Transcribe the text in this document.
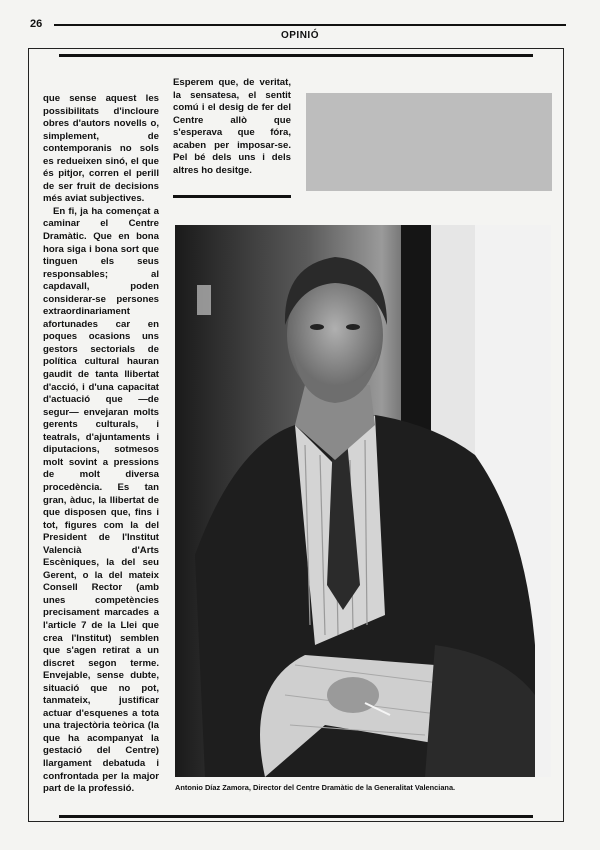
26
OPINIÓ

que sense aquest les possibilitats d'incloure obres d'autors novells o, simplement, de contemporanis no sols es redueixen sinó, el que és pitjor, corren el perill de ser fruit de decisions més aviat subjectives.

En fi, ja ha començat a caminar el Centre Dramàtic. Que en bona hora siga i bona sort que tinguen els seus responsables; al capdavall, poden considerar-se persones extraordinariament afortunades car en poques ocasions uns gestors sectorials de política cultural hauran gaudit de tanta llibertat d'acció, i d'una capacitat d'actuació que —de segur— envejaran molts gerents culturals, i teatrals, d'ajuntaments i diputacions, sotmesos molt sovint a pressions de molt diversa procedència. Es tan gran, àduc, la llibertat de que disposen que, fins i tot, figures com la del President de l'Institut Valencià d'Arts Escèniques, la del seu Gerent, o la del mateix Consell Rector (amb unes competències precisament marcades a l'article 7 de la Llei que crea l'Institut) semblen que s'agen retirat a un discret segon terme. Envejable, sense dubte, situació que no pot, tanmateix, justificar actuar d'esquenes a tota una trajectòria teòrica (la que ha acompanyat la gestació del Centre) llargament debatuda i confrontada per la major part de la professió.

Esperem que, de veritat, la sensatesa, el sentit comú i el desig de fer del Centre allò que s'esperava que fóra, acaben per imposar-se. Pel bé dels uns i dels altres ho desitge.

Antonio Díaz Zamora, Director del Centre Dramàtic de la Generalitat Valenciana.
